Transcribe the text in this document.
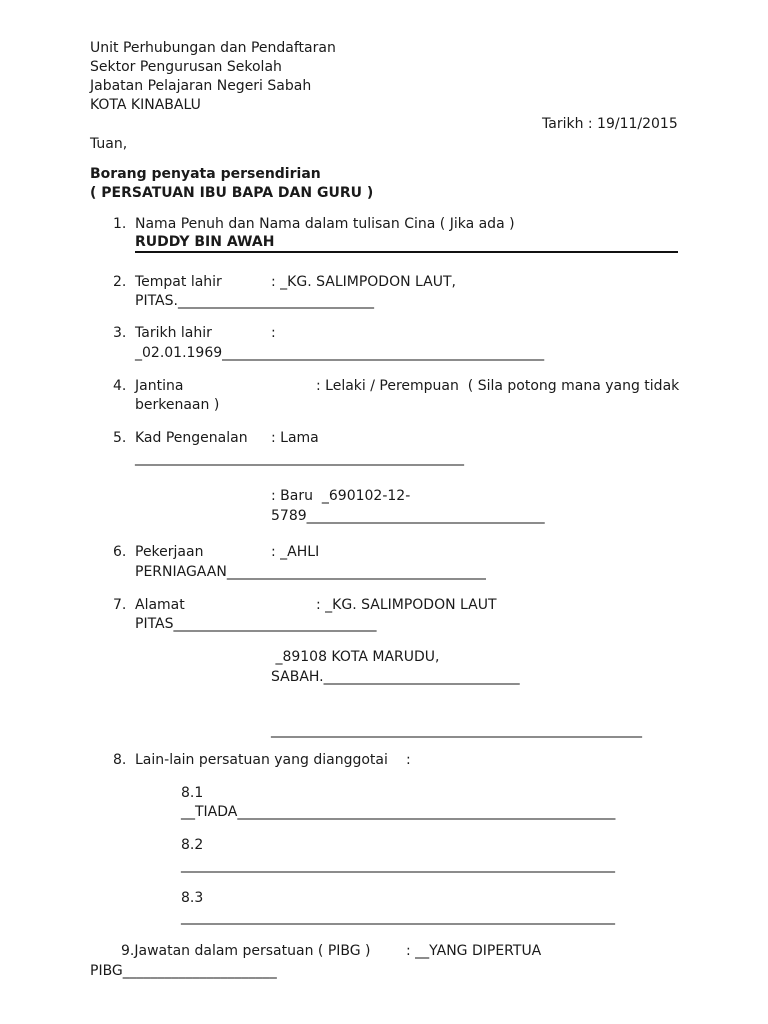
Unit Perhubungan dan Pendaftaran
Sektor Pengurusan Sekolah
Jabatan Pelajaran Negeri Sabah
KOTA KINABALU
Tarikh : 19/11/2015
Tuan,
Borang penyata persendirian
( PERSATUAN IBU BAPA DAN GURU )
1. Nama Penuh dan Nama dalam tulisan Cina ( Jika ada )
RUDDY BIN AWAH
2. Tempat lahir	: _KG. SALIMPODON LAUT,
PITAS.____________________________
3. Tarikh lahir	:
_02.01.1969______________________________________________
4. Jantina	: Lelaki / Perempuan  ( Sila potong mana yang tidak
berkenaan )
5. Kad Pengenalan : Lama
_______________________________________________
: Baru  _690102-12-
5789__________________________________
6. Pekerjaan	: _AHLI
PERNIAGAAN_____________________________________
7. Alamat	: _KG. SALIMPODON LAUT
PITAS_____________________________
_89108 KOTA MARUDU,
SABAH.____________________________
_____________________________________________________
8. Lain-lain persatuan yang dianggotai :
8.1
__TIADA______________________________________________________
8.2
______________________________________________________________
8.3
______________________________________________________________
9.Jawatan dalam persatuan ( PIBG )	: __YANG DIPERTUA
PIBG______________________
